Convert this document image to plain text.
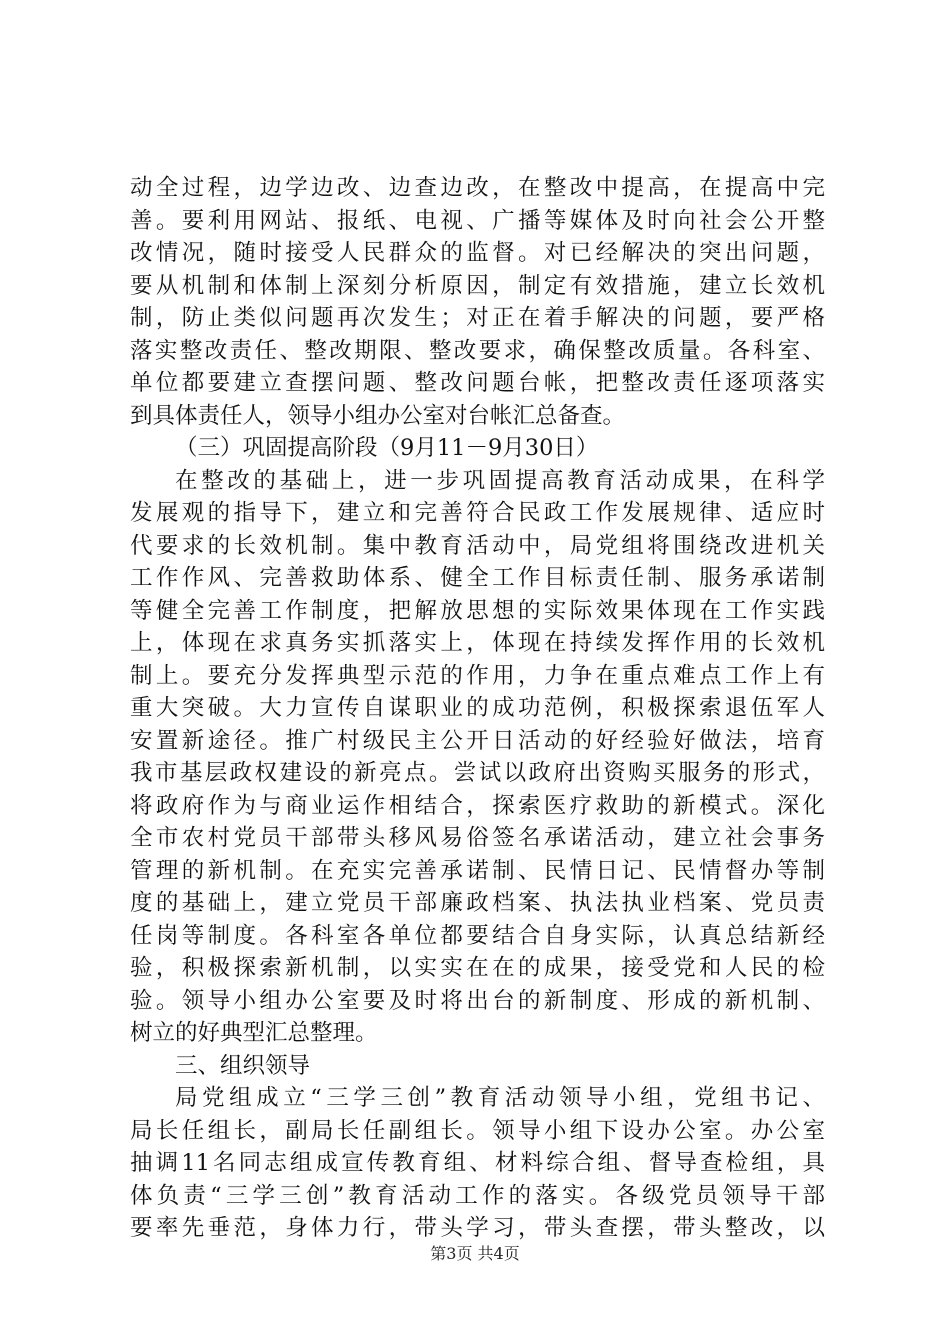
动全过程，边学边改、边查边改，在整改中提高，在提高中完
善。要利用网站、报纸、电视、广播等媒体及时向社会公开整
改情况，随时接受人民群众的监督。对已经解决的突出问题，
要从机制和体制上深刻分析原因，制定有效措施，建立长效机
制，防止类似问题再次发生；对正在着手解决的问题，要严格
落实整改责任、整改期限、整改要求，确保整改质量。各科室、
单位都要建立查摆问题、整改问题台帐，把整改责任逐项落实
到具体责任人，领导小组办公室对台帐汇总备查。
（三）巩固提高阶段（9月11－9月30日）
在整改的基础上，进一步巩固提高教育活动成果，在科学
发展观的指导下，建立和完善符合民政工作发展规律、适应时
代要求的长效机制。集中教育活动中，局党组将围绕改进机关
工作作风、完善救助体系、健全工作目标责任制、服务承诺制
等健全完善工作制度，把解放思想的实际效果体现在工作实践
上，体现在求真务实抓落实上，体现在持续发挥作用的长效机
制上。要充分发挥典型示范的作用，力争在重点难点工作上有
重大突破。大力宣传自谋职业的成功范例，积极探索退伍军人
安置新途径。推广村级民主公开日活动的好经验好做法，培育
我市基层政权建设的新亮点。尝试以政府出资购买服务的形式，
将政府作为与商业运作相结合，探索医疗救助的新模式。深化
全市农村党员干部带头移风易俗签名承诺活动，建立社会事务
管理的新机制。在充实完善承诺制、民情日记、民情督办等制
度的基础上，建立党员干部廉政档案、执法执业档案、党员责
任岗等制度。各科室各单位都要结合自身实际，认真总结新经
验，积极探索新机制，以实实在在的成果，接受党和人民的检
验。领导小组办公室要及时将出台的新制度、形成的新机制、
树立的好典型汇总整理。
三、组织领导
局党组成立“三学三创”教育活动领导小组，党组书记、
局长任组长，副局长任副组长。领导小组下设办公室。办公室
抽调11名同志组成宣传教育组、材料综合组、督导查检组，具
体负责“三学三创”教育活动工作的落实。各级党员领导干部
要率先垂范，身体力行，带头学习，带头查摆，带头整改，以
第3页 共4页
